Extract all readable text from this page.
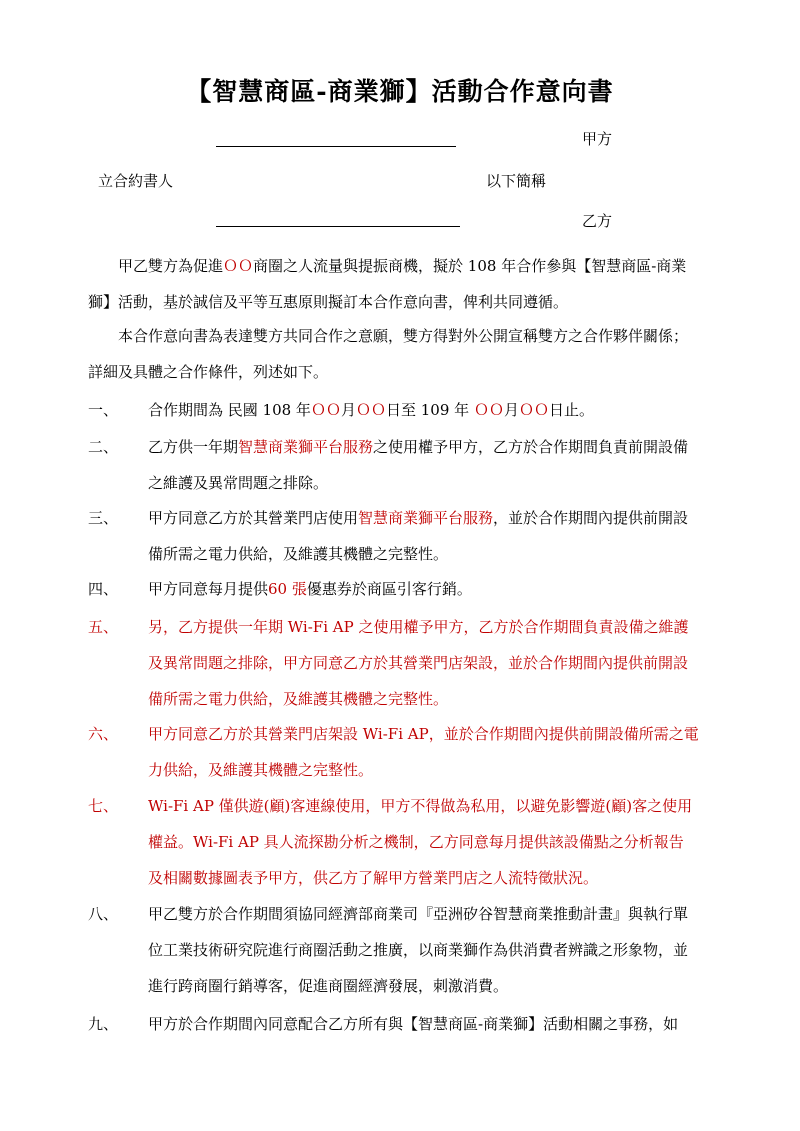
【智慧商區-商業獅】活動合作意向書
甲方
立合約書人	以下簡稱
乙方
甲乙雙方為促進ＯＯ商圈之人流量與提振商機，擬於 108 年合作參與【智慧商區-商業
獅】活動，基於誠信及平等互惠原則擬訂本合作意向書，俾利共同遵循。
本合作意向書為表達雙方共同合作之意願，雙方得對外公開宣稱雙方之合作夥伴關係；
詳細及具體之合作條件，列述如下。
一、 合作期間為 民國 108 年 ＯＯ 月 ＯＯ 日至 109 年
ＯＯ 月 ＯＯ 日止。
二、 乙方供一年期智慧商業獅平台服務之使用權予甲方，乙方於合作期間負責前開設備
之維護及異常問題之排除。
三、 甲方同意乙方於其營業門店使用智慧商業獅平台服務，並於合作期間內提供前開設
備所需之電力供給，及維護其機體之完整性。
四、 甲方同意每月提供 60 張 優惠券於商區引客行銷。
五、 另，乙方提供一年期 Wi-Fi AP 之使用權予甲方，乙方於合作期間負責設備之維護
及異常問題之排除，甲方同意乙方於其營業門店架設，並於合作期間內提供前開設
備所需之電力供給，及維護其機體之完整性。
六、 甲方同意乙方於其營業門店架設 Wi-Fi AP，並於合作期間內提供前開設備所需之電
力供給，及維護其機體之完整性。
七、 Wi-Fi AP 僅供遊(顧)客連線使用，甲方不得做為私用，以避免影響遊(顧)客之使用
權益。Wi-Fi AP 具人流探勘分析之機制，乙方同意每月提供該設備點之分析報告
及相關數據圖表予甲方，供乙方了解甲方營業門店之人流特徵狀況。
八、 甲乙雙方於合作期間須協同經濟部商業司『亞洲矽谷智慧商業推動計畫』與執行單
位工業技術研究院進行商圈活動之推廣，以商業獅作為供消費者辨識之形象物，並
進行跨商圈行銷導客，促進商圈經濟發展，刺激消費。
九、 甲方於合作期間內同意配合乙方所有與【智慧商區-商業獅】活動相關之事務，如
